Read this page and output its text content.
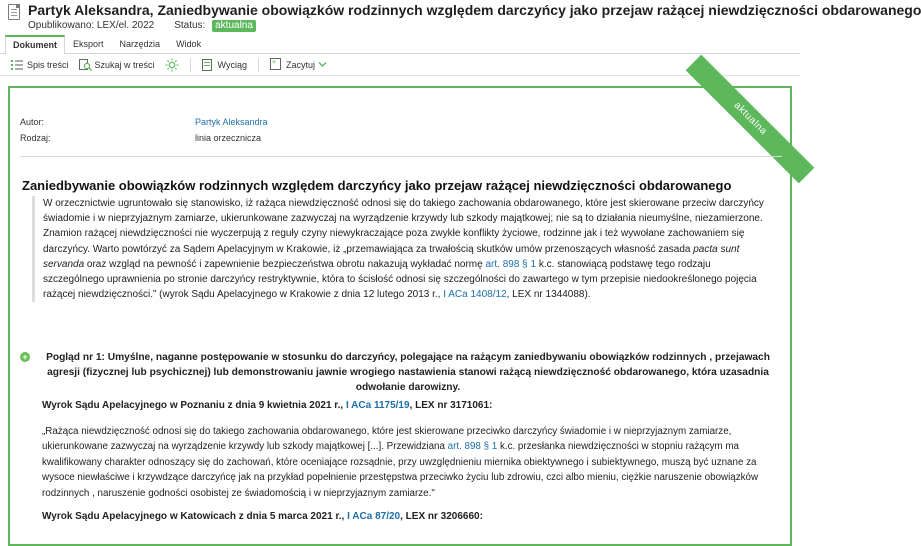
Partyk Aleksandra, Zaniedbywanie obowiązków rodzinnych względem darczyńcy jako przejaw rażącej niewdzięczności obdarowanego
Opublikowano: LEX/el. 2022 Status: aktualna
Dokument	Eksport	Narzędzia	Widok
Spis treści	Szukaj w treści	Wyciąg	" Zacytuj
aktualna
Autor:	Partyk Aleksandra
Rodzaj:	linia orzecznicza
Zaniedbywanie obowiązków rodzinnych względem darczyńcy jako przejaw rażącej niewdzięczności obdarowanego
W orzecznictwie ugruntowało się stanowisko, iż rażąca niewdzięczność odnosi się do takiego zachowania obdarowanego, które jest skierowane przeciw darczyńcy świadomie i w nieprzyjaznym zamiarze, ukierunkowane zazwyczaj na wyrządzenie krzywdy lub szkody majątkowej; nie są to działania nieumyślne, niezamierzone. Znamion rażącej niewdzięczności nie wyczerpują z reguły czyny niewykraczające poza zwykłe konflikty życiowe, rodzinne jak i też wywołane zachowaniem się darczyńcy. Warto powtórzyć za Sądem Apelacyjnym w Krakowie, iż „przemawiająca za trwałością skutków umów przenoszących własność zasada pacta sunt servanda oraz wzgląd na pewność i zapewnienie bezpieczeństwa obrotu nakazują wykładać normę art. 898 § 1 k.c. stanowiącą podstawę tego rodzaju szczególnego uprawnienia po stronie darczyńcy restryktywnie, która to ścisłość odnosi się szczególności do zawartego w tym przepisie niedookreślonego pojęcia rażącej niewdzięczności.” (wyrok Sądu Apelacyjnego w Krakowie z dnia 12 lutego 2013 r., I ACa 1408/12, LEX nr 1344088).
+	Pogląd nr 1: Umyślne, naganne postępowanie w stosunku do darczyńcy, polegające na rażącym zaniedbywaniu obowiązków rodzinnych , przejawach agresji (fizycznej lub psychicznej) lub demonstrowaniu jawnie wrogiego nastawienia stanowi rażącą niewdzięczność obdarowanego, która uzasadnia odwołanie darowizny.
Wyrok Sądu Apelacyjnego w Poznaniu z dnia 9 kwietnia 2021 r., I ACa 1175/19, LEX nr 3171061:
„Rażąca niewdzięczność odnosi się do takiego zachowania obdarowanego, które jest skierowane przeciwko darczyńcy świadomie i w nieprzyjaznym zamiarze, ukierunkowane zazwyczaj na wyrządzenie krzywdy lub szkody majątkowej [...]. Przewidziana art. 898 § 1 k.c. przesłanka niewdzięczności w stopniu rażącym ma kwalifikowany charakter odnoszący się do zachowań, które oceniające rozsądnie, przy uwzględnieniu miernika obiektywnego i subiektywnego, muszą być uznane za wysoce niewłaściwe i krzywdzące darczyńcę jak na przykład popełnienie przestępstwa przeciwko życiu lub zdrowiu, czci albo mieniu, ciężkie naruszenie obowiązków rodzinnych , naruszenie godności osobistej ze świadomością i w nieprzyjaznym zamiarze."
Wyrok Sądu Apelacyjnego w Katowicach z dnia 5 marca 2021 r., I ACa 87/20, LEX nr 3206660:
